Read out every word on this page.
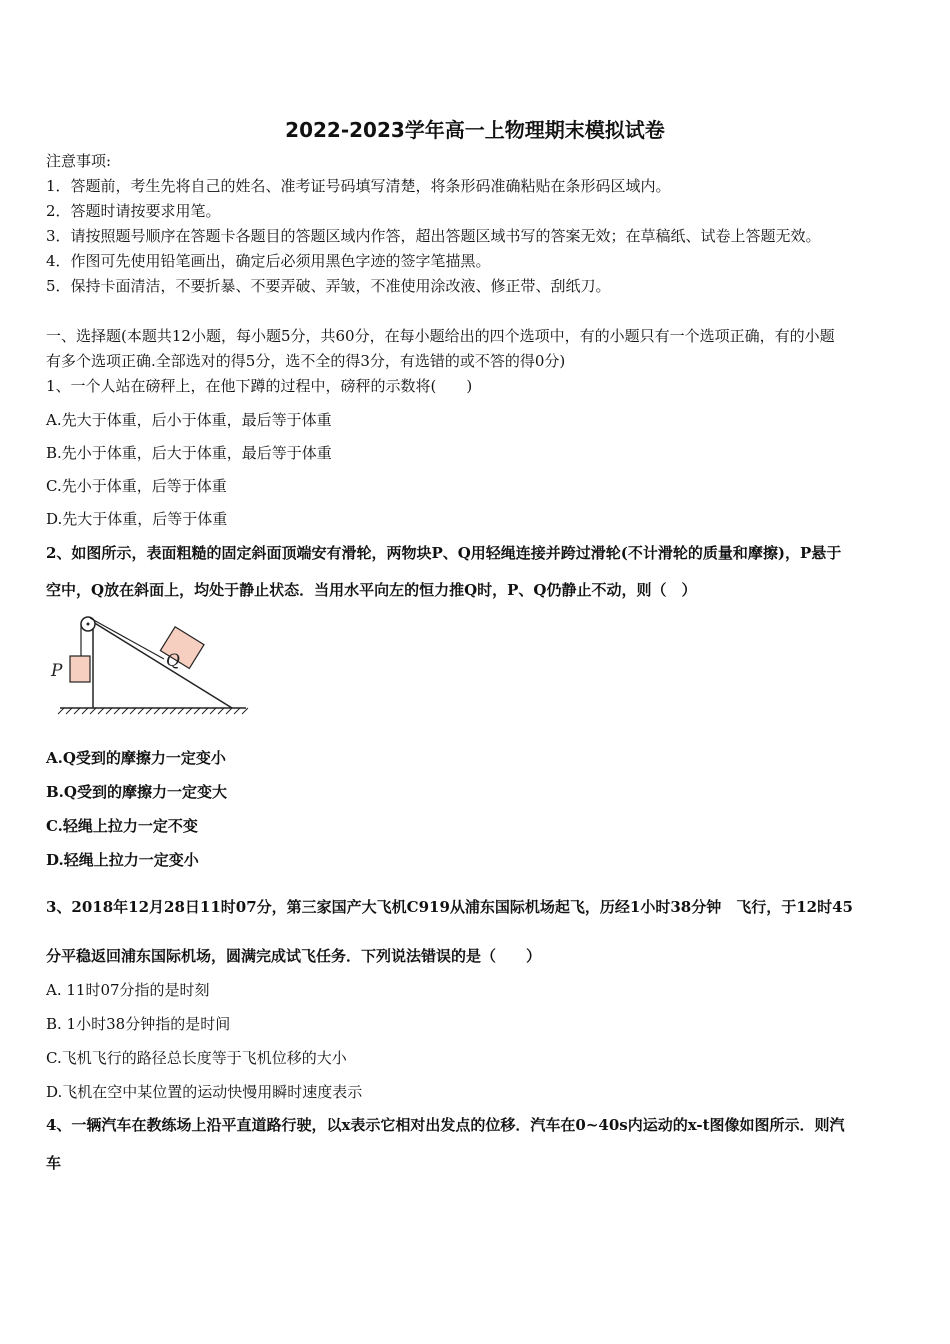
2022-2023学年高一上物理期末模拟试卷
注意事项:
1．答题前，考生先将自己的姓名、准考证号码填写清楚，将条形码准确粘贴在条形码区域内。
2．答题时请按要求用笔。
3．请按照题号顺序在答题卡各题目的答题区域内作答，超出答题区域书写的答案无效；在草稿纸、试卷上答题无效。
4．作图可先使用铅笔画出，确定后必须用黑色字迹的签字笔描黑。
5．保持卡面清洁，不要折暴、不要弄破、弄皱，不准使用涂改液、修正带、刮纸刀。
一、选择题(本题共12小题，每小题5分，共60分，在每小题给出的四个选项中，有的小题只有一个选项正确，有的小题
有多个选项正确.全部选对的得5分，选不全的得3分，有选错的或不答的得0分)
1、一个人站在磅秤上，在他下蹲的过程中，磅秤的示数将(　　)
A.先大于体重，后小于体重，最后等于体重
B.先小于体重，后大于体重，最后等于体重
C.先小于体重，后等于体重
D.先大于体重，后等于体重
2、如图所示，表面粗糙的固定斜面顶端安有滑轮，两物块P、Q用轻绳连接并跨过滑轮(不计滑轮的质量和摩擦)，P悬于
空中，Q放在斜面上，均处于静止状态．当用水平向左的恒力推Q时，P、Q仍静止不动，则（　）
P	Q
A.Q受到的摩擦力一定变小
B.Q受到的摩擦力一定变大
C.轻绳上拉力一定不变
D.轻绳上拉力一定变小
3、2018年12月28日11时07分，第三家国产大飞机C919从浦东国际机场起飞，历经1小时38分钟　飞行，于12时45
分平稳返回浦东国际机场，圆满完成试飞任务．下列说法错误的是（　　）
A. 11时07分指的是时刻
B. 1小时38分钟指的是时间
C.飞机飞行的路径总长度等于飞机位移的大小
D.飞机在空中某位置的运动快慢用瞬时速度表示
4、一辆汽车在教练场上沿平直道路行驶，以x表示它相对出发点的位移．汽车在0~40s内运动的x-t图像如图所示．则汽
车
